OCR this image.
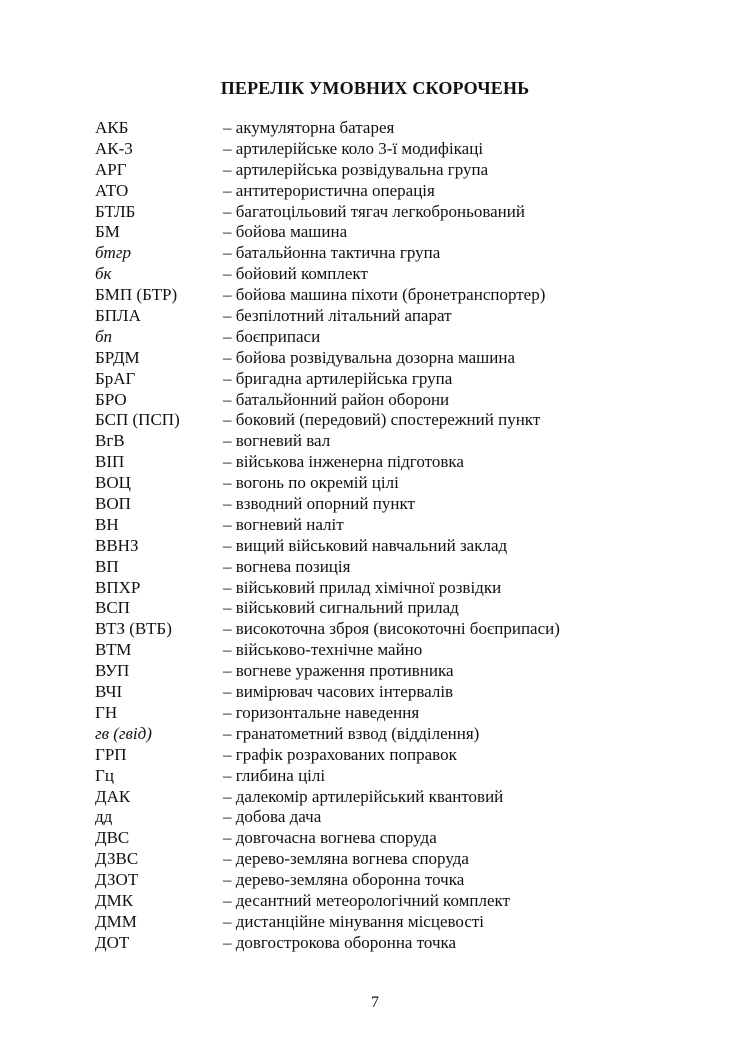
ПЕРЕЛІК УМОВНИХ СКОРОЧЕНЬ
АКБ	– акумуляторна батарея
АК-3	– артилерійське коло 3-ї модифікаці
АРГ	– артилерійська розвідувальна група
АТО	– антитерористична операція
БТЛБ	– багатоцільовий тягач легкоброньований
БМ	– бойова машина
бтгр	– батальйонна тактична група
бк	– бойовий комплект
БМП (БТР)	– бойова машина піхоти (бронетранспортер)
БПЛА	– безпілотний літальний апарат
бп	– боєприпаси
БРДМ	– бойова розвідувальна дозорна машина
БрАГ	– бригадна артилерійська група
БРО	– батальйонний район оборони
БСП (ПСП)	– боковий (передовий) спостережний пункт
ВгВ	– вогневий вал
ВІП	– військова інженерна підготовка
ВОЦ	– вогонь по окремій цілі
ВОП	– взводний опорний пункт
ВН	– вогневий наліт
ВВНЗ	– вищий військовий навчальний заклад
ВП	– вогнева позиція
ВПХР	– військовий прилад хімічної розвідки
ВСП	– військовий сигнальний прилад
ВТЗ (ВТБ)	– високоточна зброя (високоточні боєприпаси)
ВТМ	– військово-технічне майно
ВУП	– вогневе ураження противника
ВЧІ	– вимірювач часових інтервалів
ГН	– горизонтальне наведення
гв (гвід)	– гранатометний взвод (відділення)
ГРП	– графік розрахованих поправок
Гц	– глибина цілі
ДАК	– далекомір артилерійський квантовий
дд	– добова дача
ДВС	– довгочасна вогнева споруда
ДЗВС	– дерево-земляна вогнева споруда
ДЗОТ	– дерево-земляна оборонна точка
ДМК	– десантний метеорологічний комплект
ДММ	– дистанційне мінування місцевості
ДОТ	– довгострокова оборонна точка
7
